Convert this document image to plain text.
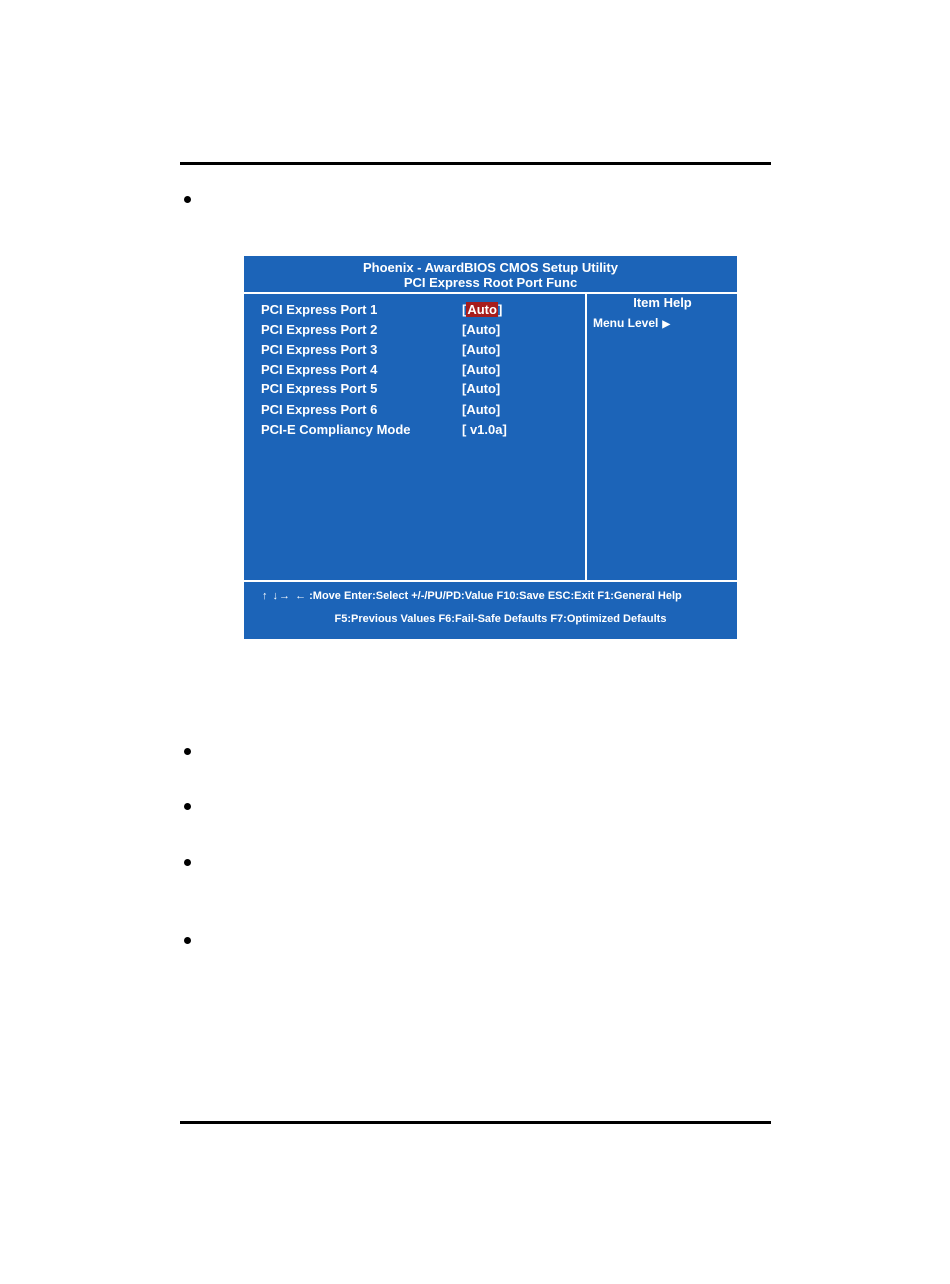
Phoenix - AwardBIOS CMOS Setup Utility
PCI Express Root Port Func
PCI Express Port 1	[Auto]
PCI Express Port 2	[Auto]
PCI Express Port 3	[Auto]
PCI Express Port 4	[Auto]
PCI Express Port 5	[Auto]
PCI Express Port 6	[Auto]
PCI-E Compliancy Mode	[ v1.0a]
Item Help
Menu Level ▶
↑ ↓→ ← :Move Enter:Select +/-/PU/PD:Value F10:Save ESC:Exit F1:General Help
F5:Previous Values F6:Fail-Safe Defaults F7:Optimized Defaults
